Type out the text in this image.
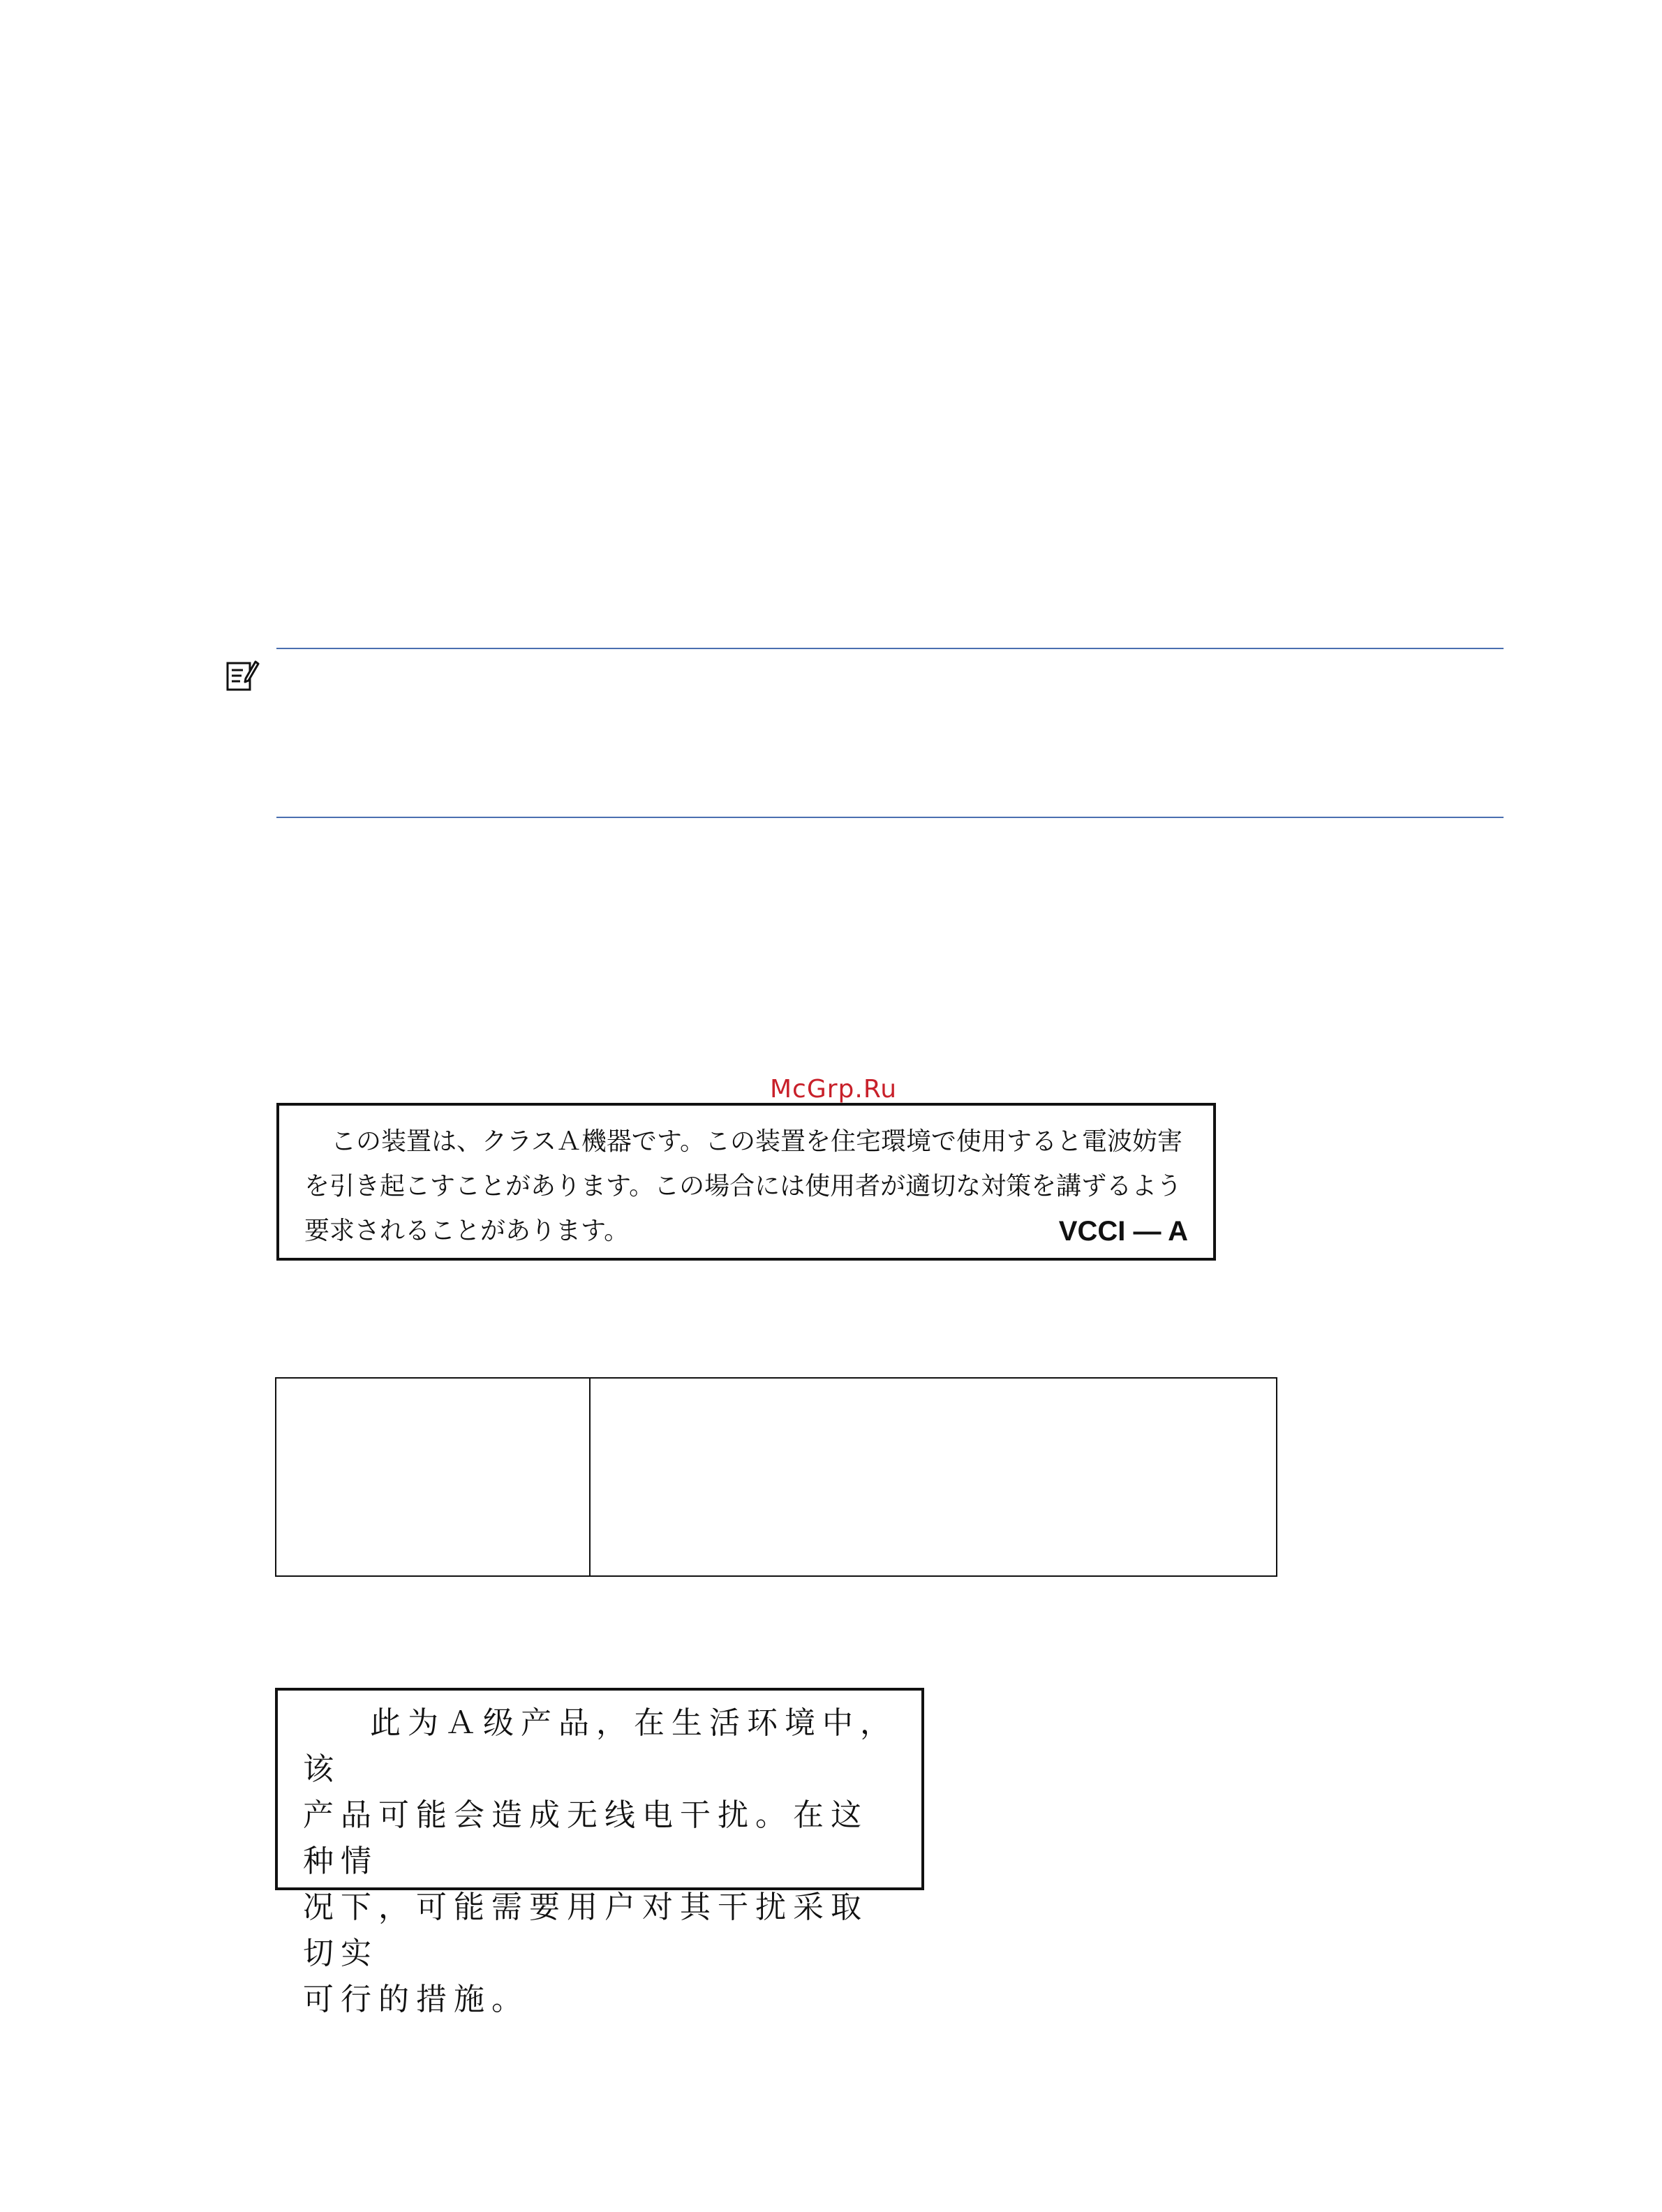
McGrp.Ru
この装置は、クラスＡ機器です。この装置を住宅環境で使用すると電波妨害
を引き起こすことがあります。この場合には使用者が適切な対策を講ずるよう
要求されることがあります。	VCCI — A
此为Ａ级产品，在生活环境中，该
产品可能会造成无线电干扰。在这种情
况下，可能需要用户对其干扰采取切实
可行的措施。
